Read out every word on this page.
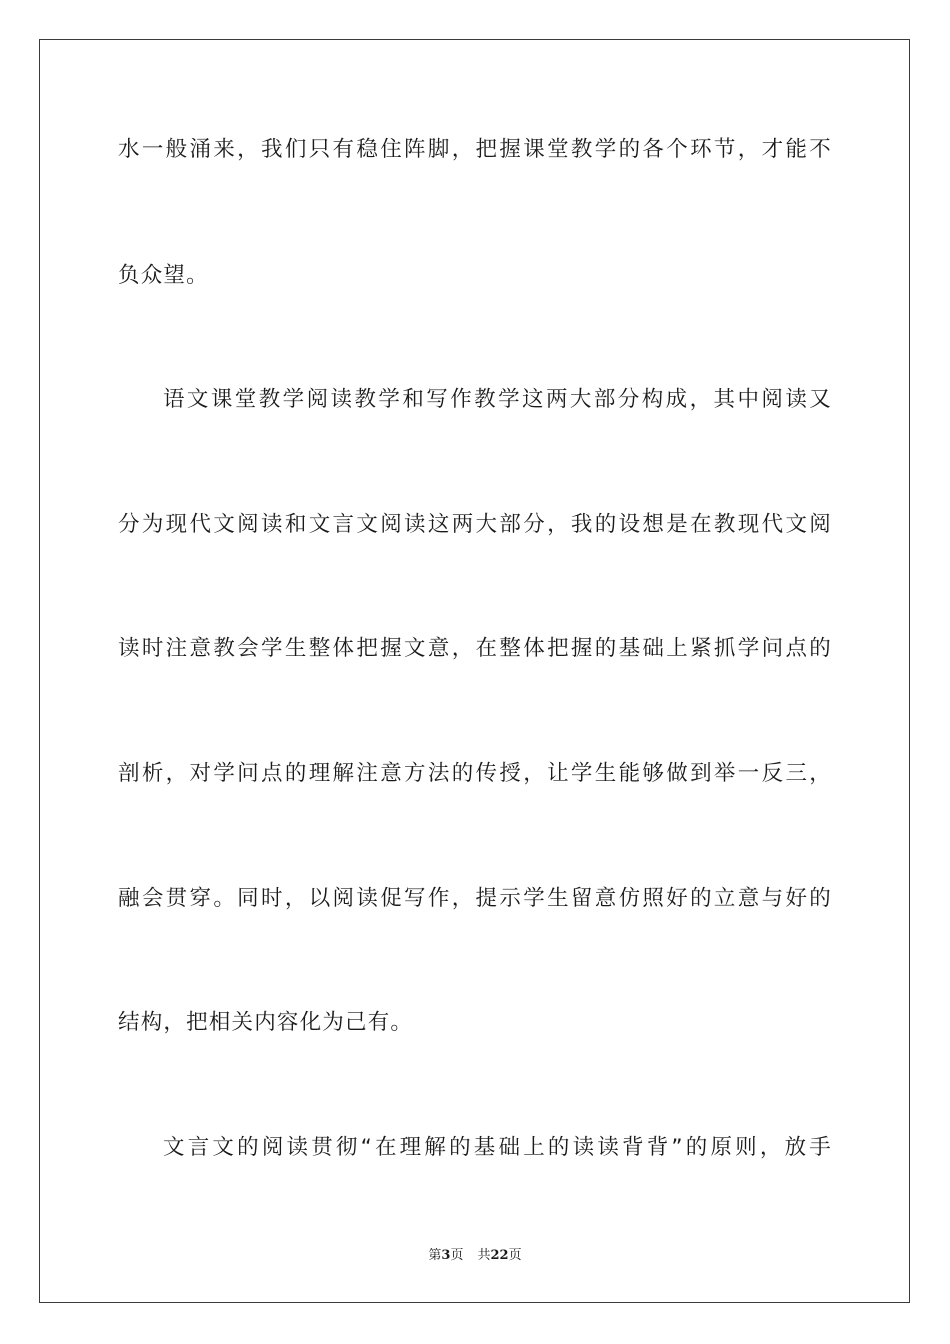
水一般涌来，我们只有稳住阵脚，把握课堂教学的各个环节，才能不
负众望。
语文课堂教学阅读教学和写作教学这两大部分构成，其中阅读又
分为现代文阅读和文言文阅读这两大部分，我的设想是在教现代文阅
读时注意教会学生整体把握文意，在整体把握的基础上紧抓学问点的
剖析，对学问点的理解注意方法的传授，让学生能够做到举一反三，
融会贯穿。同时，以阅读促写作，提示学生留意仿照好的立意与好的
结构，把相关内容化为己有。
文言文的阅读贯彻“在理解的基础上的读读背背”的原则，放手
第3页 共22页
